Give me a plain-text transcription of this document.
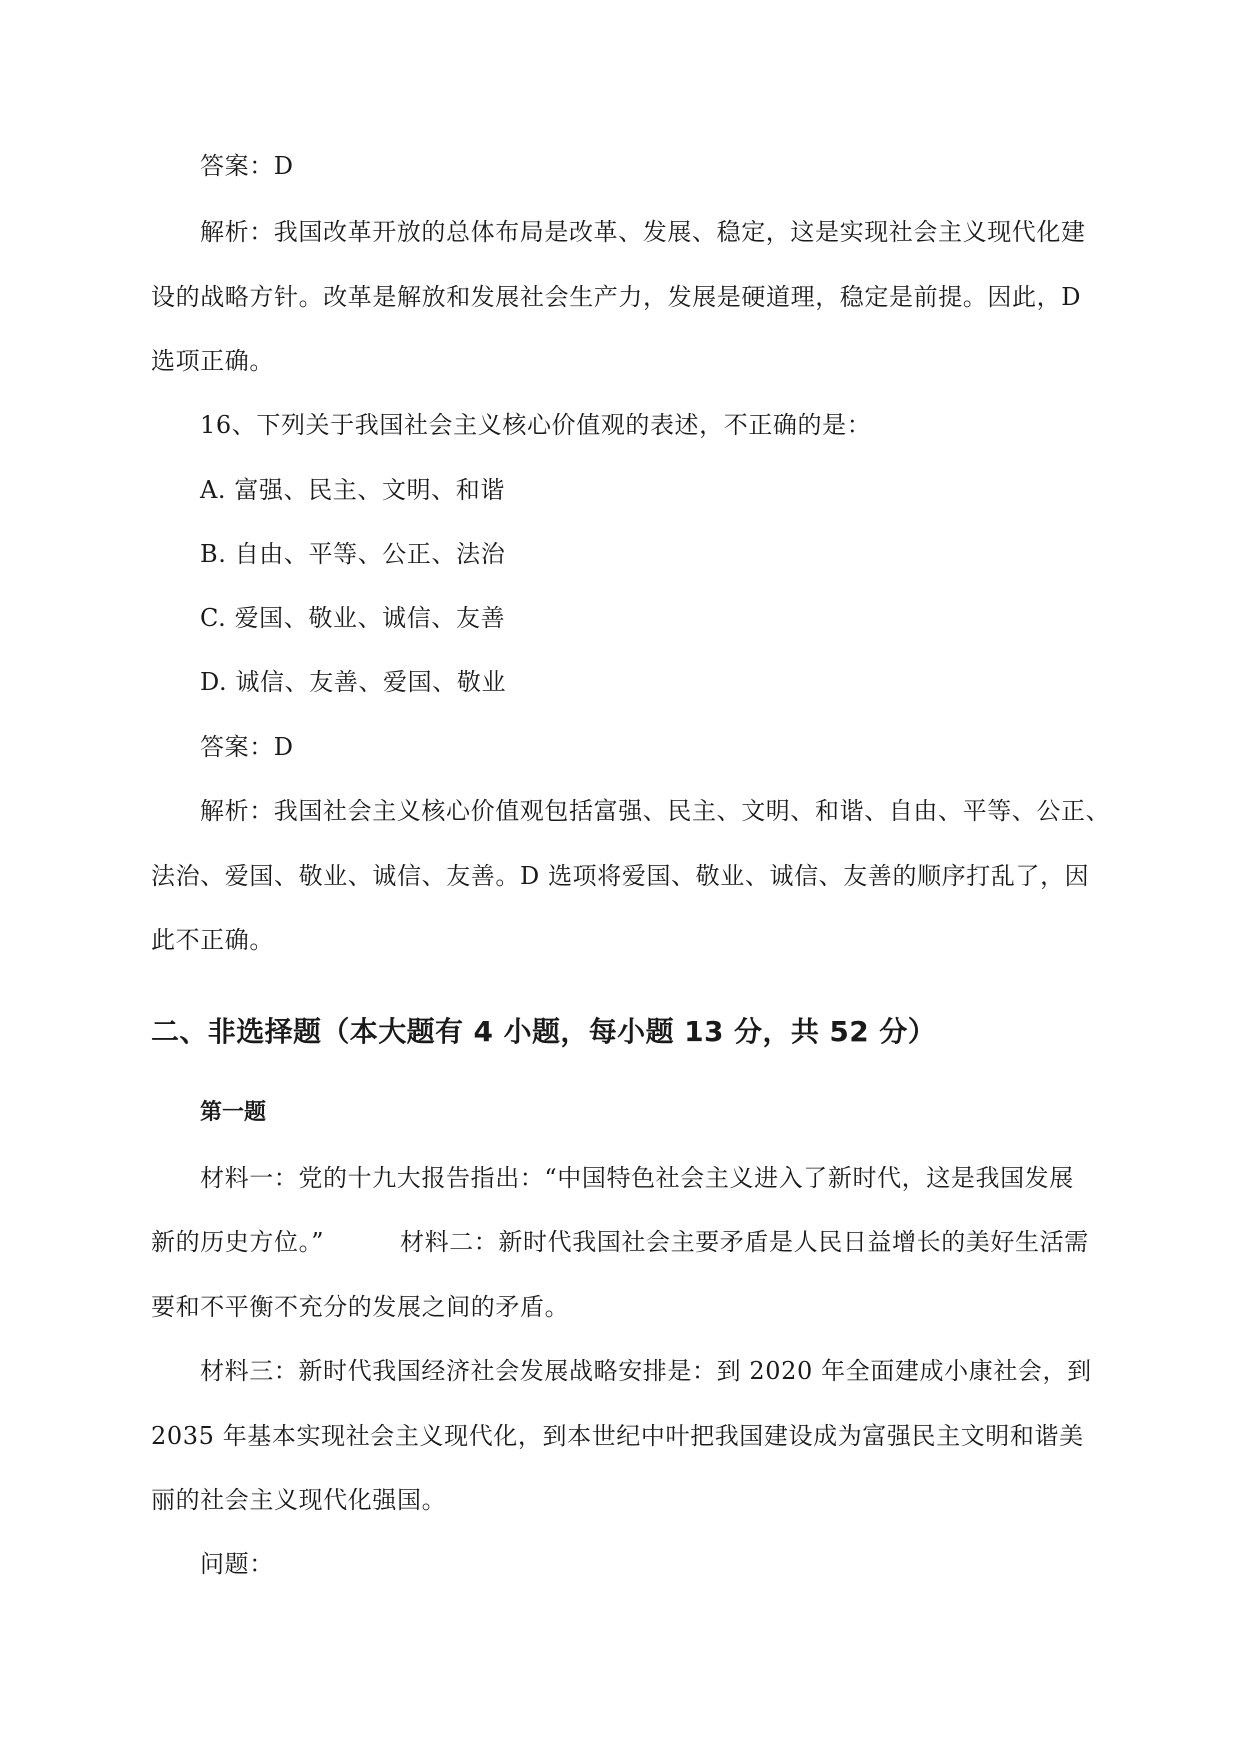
答案：D
解析：我国改革开放的总体布局是改革、发展、稳定，这是实现社会主义现代化建
设的战略方针。改革是解放和发展社会生产力，发展是硬道理，稳定是前提。因此，D
选项正确。
16、下列关于我国社会主义核心价值观的表述，不正确的是：
A. 富强、民主、文明、和谐
B. 自由、平等、公正、法治
C. 爱国、敬业、诚信、友善
D. 诚信、友善、爱国、敬业
答案：D
解析：我国社会主义核心价值观包括富强、民主、文明、和谐、自由、平等、公正、
法治、爱国、敬业、诚信、友善。D 选项将爱国、敬业、诚信、友善的顺序打乱了，因
此不正确。
二、非选择题（本大题有 4 小题，每小题 13 分，共 52 分）
第一题
材料一：党的十九大报告指出：“中国特色社会主义进入了新时代，这是我国发展
新的历史方位。”	材料二：新时代我国社会主要矛盾是人民日益增长的美好生活需
要和不平衡不充分的发展之间的矛盾。
材料三：新时代我国经济社会发展战略安排是：到 2020 年全面建成小康社会，到
2035 年基本实现社会主义现代化，到本世纪中叶把我国建设成为富强民主文明和谐美
丽的社会主义现代化强国。
问题：
